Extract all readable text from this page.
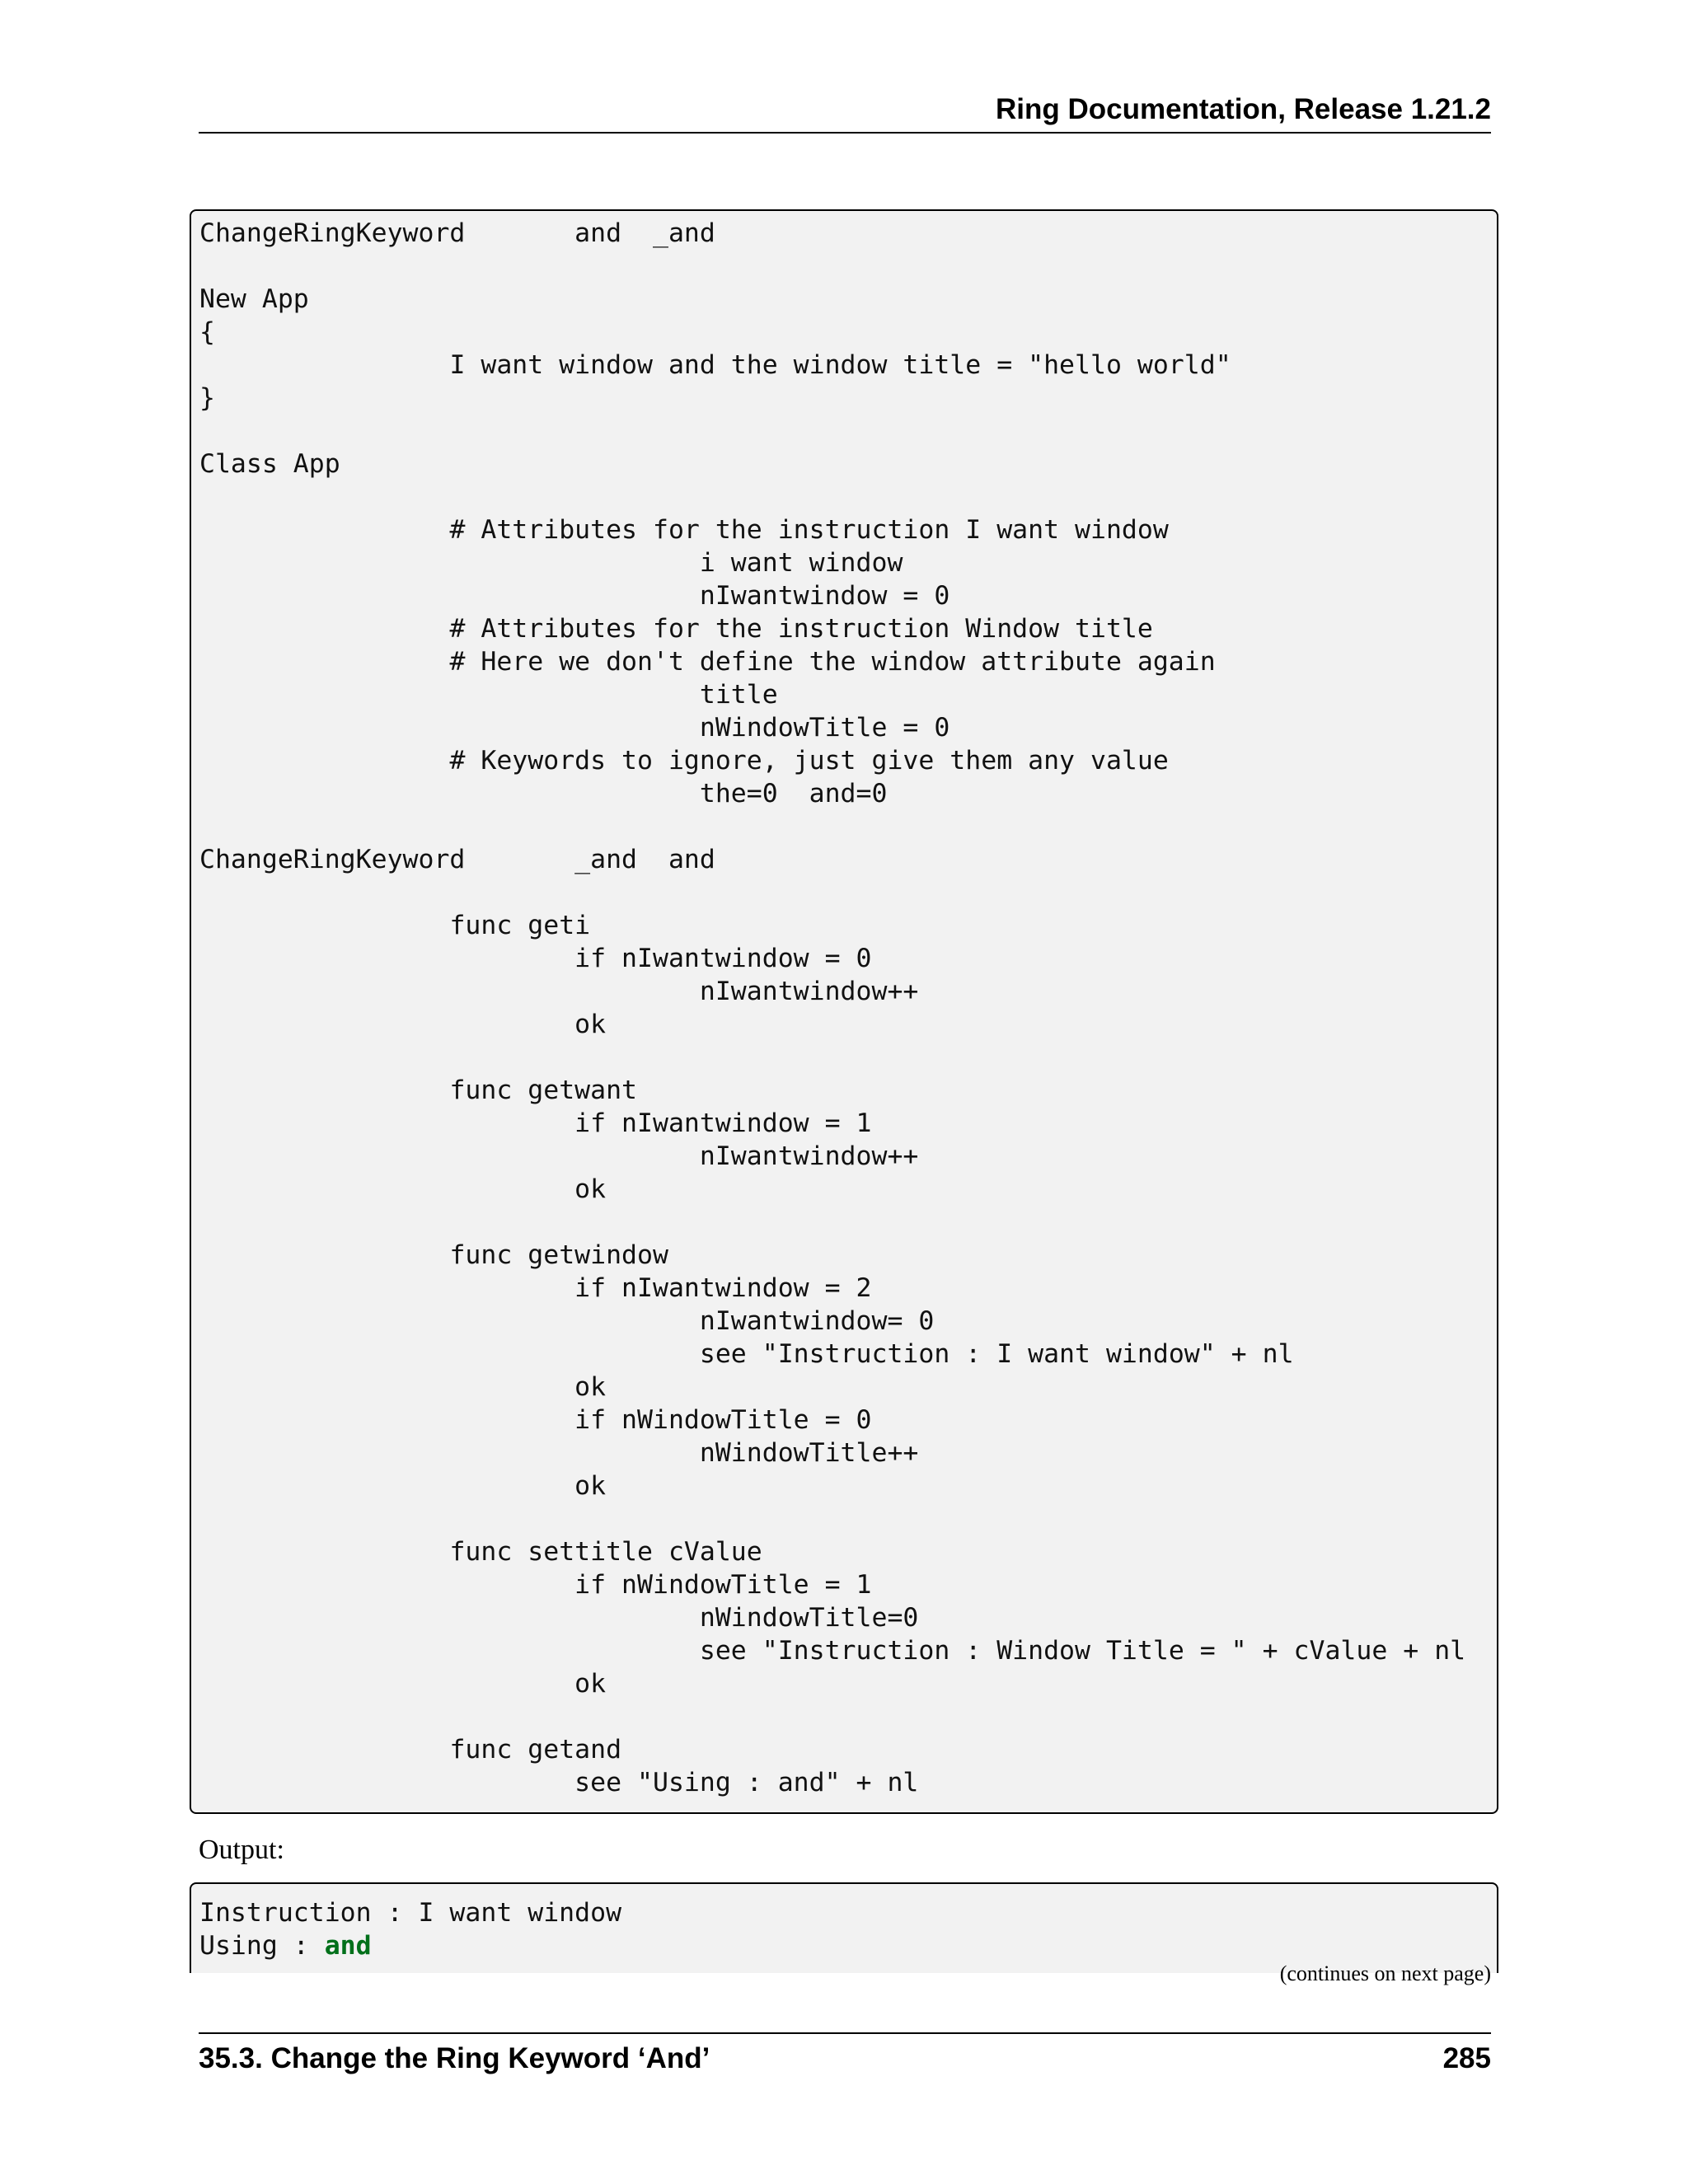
Ring Documentation, Release 1.21.2
ChangeRingKeyword	and  _and

New App
{
		I want window and the window title = "hello world"
}

Class App

		# Attributes for the instruction I want window
				i want window
				nIwantwindow = 0
		# Attributes for the instruction Window title
		# Here we don't define the window attribute again
				title
				nWindowTitle = 0
		# Keywords to ignore, just give them any value
				the=0  and=0

ChangeRingKeyword	_and  and

		func geti
			if nIwantwindow = 0
				nIwantwindow++
			ok

		func getwant
			if nIwantwindow = 1
				nIwantwindow++
			ok

		func getwindow
			if nIwantwindow = 2
				nIwantwindow= 0
				see "Instruction : I want window" + nl
			ok
			if nWindowTitle = 0
				nWindowTitle++
			ok

		func settitle cValue
			if nWindowTitle = 1
				nWindowTitle=0
				see "Instruction : Window Title = " + cValue + nl
			ok

		func getand
			see "Using : and" + nl
Output:
Instruction : I want window
Using : and
(continues on next page)
35.3. Change the Ring Keyword ‘And’	285
